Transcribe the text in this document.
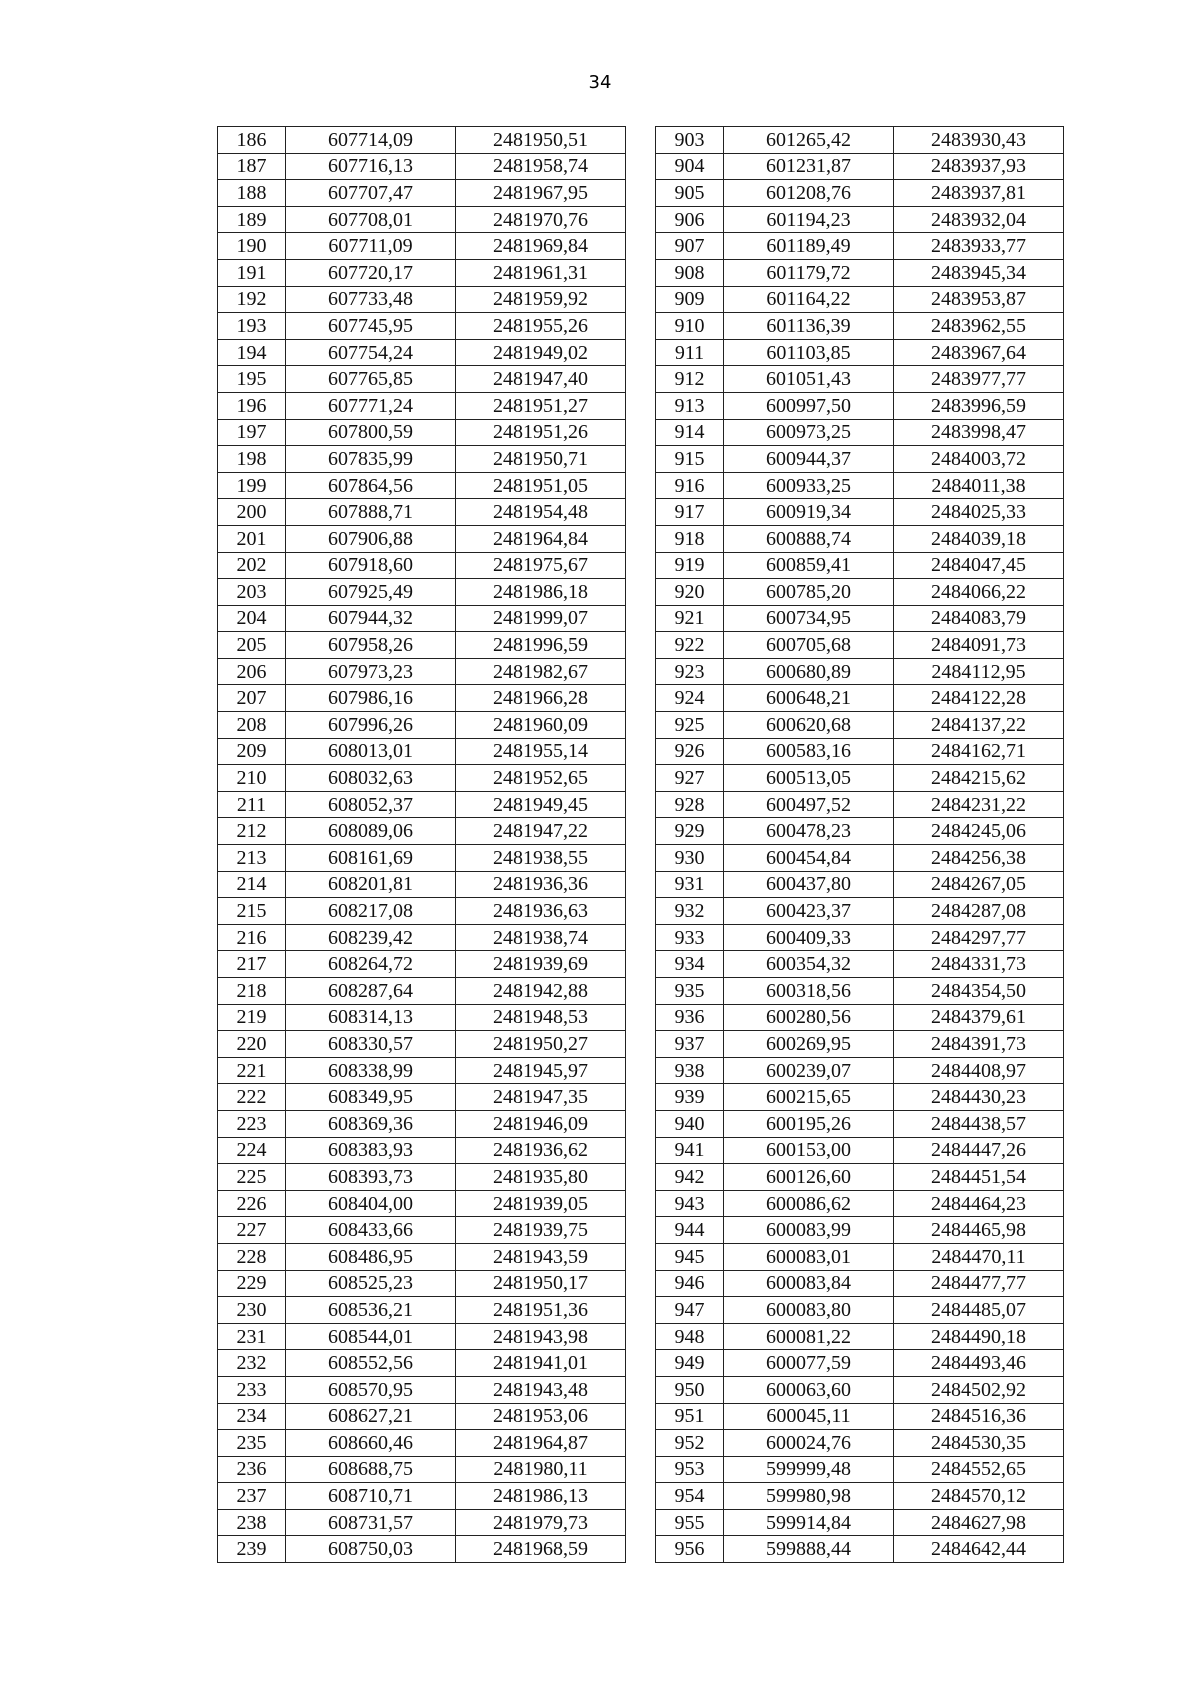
34
186	607714,09	2481950,51		903	601265,42	2483930,43
187	607716,13	2481958,74		904	601231,87	2483937,93
188	607707,47	2481967,95		905	601208,76	2483937,81
189	607708,01	2481970,76		906	601194,23	2483932,04
190	607711,09	2481969,84		907	601189,49	2483933,77
191	607720,17	2481961,31		908	601179,72	2483945,34
192	607733,48	2481959,92		909	601164,22	2483953,87
193	607745,95	2481955,26		910	601136,39	2483962,55
194	607754,24	2481949,02		911	601103,85	2483967,64
195	607765,85	2481947,40		912	601051,43	2483977,77
196	607771,24	2481951,27		913	600997,50	2483996,59
197	607800,59	2481951,26		914	600973,25	2483998,47
198	607835,99	2481950,71		915	600944,37	2484003,72
199	607864,56	2481951,05		916	600933,25	2484011,38
200	607888,71	2481954,48		917	600919,34	2484025,33
201	607906,88	2481964,84		918	600888,74	2484039,18
202	607918,60	2481975,67		919	600859,41	2484047,45
203	607925,49	2481986,18		920	600785,20	2484066,22
204	607944,32	2481999,07		921	600734,95	2484083,79
205	607958,26	2481996,59		922	600705,68	2484091,73
206	607973,23	2481982,67		923	600680,89	2484112,95
207	607986,16	2481966,28		924	600648,21	2484122,28
208	607996,26	2481960,09		925	600620,68	2484137,22
209	608013,01	2481955,14		926	600583,16	2484162,71
210	608032,63	2481952,65		927	600513,05	2484215,62
211	608052,37	2481949,45		928	600497,52	2484231,22
212	608089,06	2481947,22		929	600478,23	2484245,06
213	608161,69	2481938,55		930	600454,84	2484256,38
214	608201,81	2481936,36		931	600437,80	2484267,05
215	608217,08	2481936,63		932	600423,37	2484287,08
216	608239,42	2481938,74		933	600409,33	2484297,77
217	608264,72	2481939,69		934	600354,32	2484331,73
218	608287,64	2481942,88		935	600318,56	2484354,50
219	608314,13	2481948,53		936	600280,56	2484379,61
220	608330,57	2481950,27		937	600269,95	2484391,73
221	608338,99	2481945,97		938	600239,07	2484408,97
222	608349,95	2481947,35		939	600215,65	2484430,23
223	608369,36	2481946,09		940	600195,26	2484438,57
224	608383,93	2481936,62		941	600153,00	2484447,26
225	608393,73	2481935,80		942	600126,60	2484451,54
226	608404,00	2481939,05		943	600086,62	2484464,23
227	608433,66	2481939,75		944	600083,99	2484465,98
228	608486,95	2481943,59		945	600083,01	2484470,11
229	608525,23	2481950,17		946	600083,84	2484477,77
230	608536,21	2481951,36		947	600083,80	2484485,07
231	608544,01	2481943,98		948	600081,22	2484490,18
232	608552,56	2481941,01		949	600077,59	2484493,46
233	608570,95	2481943,48		950	600063,60	2484502,92
234	608627,21	2481953,06		951	600045,11	2484516,36
235	608660,46	2481964,87		952	600024,76	2484530,35
236	608688,75	2481980,11		953	599999,48	2484552,65
237	608710,71	2481986,13		954	599980,98	2484570,12
238	608731,57	2481979,73		955	599914,84	2484627,98
239	608750,03	2481968,59		956	599888,44	2484642,44
